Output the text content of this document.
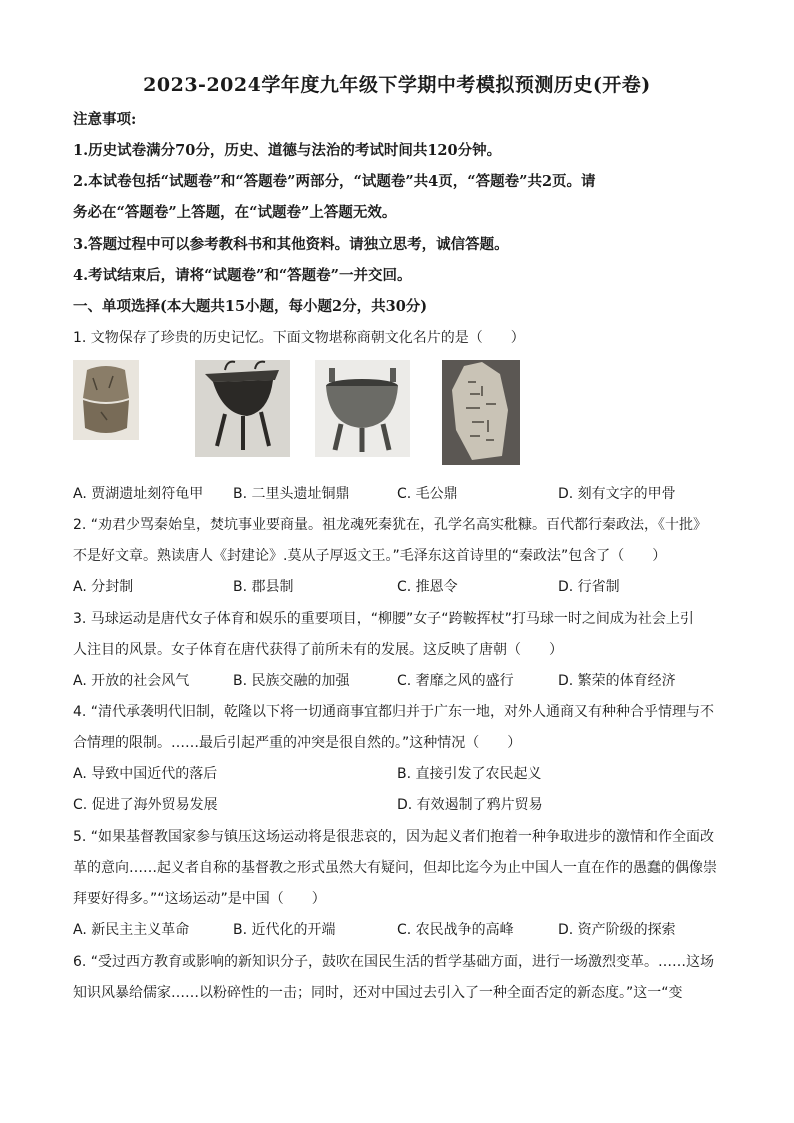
2023-2024学年度九年级下学期中考模拟预测历史(开卷)
注意事项:
1.历史试卷满分70分，历史、道德与法治的考试时间共120分钟。
2.本试卷包括“试题卷”和“答题卷”两部分，“试题卷”共4页，“答题卷”共2页。请
务必在“答题卷”上答题，在“试题卷”上答题无效。
3.答题过程中可以参考教科书和其他资料。请独立思考，诚信答题。
4.考试结束后，请将“试题卷”和“答题卷”一并交回。
一、单项选择(本大题共15小题，每小题2分，共30分)
1. 文物保存了珍贵的历史记忆。下面文物堪称商朝文化名片的是（　　）
A. 贾湖遗址刻符龟甲 B. 二里头遗址铜鼎	C. 毛公鼎	D. 刻有文字的甲骨
2. “劝君少骂秦始皇，焚坑事业要商量。祖龙魂死秦犹在，孔学名高实秕糠。百代都行秦政法，《十批》
不是好文章。熟读唐人《封建论》.莫从子厚返文王。”毛泽东这首诗里的“秦政法”包含了（　　）
A. 分封制	B. 郡县制	C. 推恩令	D. 行省制
3. 马球运动是唐代女子体育和娱乐的重要项目，“柳腰”女子“跨鞍挥杖”打马球一时之间成为社会上引
人注目的风景。女子体育在唐代获得了前所未有的发展。这反映了唐朝（　　）
A. 开放的社会风气	B. 民族交融的加强	C. 奢靡之风的盛行	D. 繁荣的体育经济
4. “清代承袭明代旧制，乾隆以下将一切通商事宜都归并于广东一地，对外人通商又有种种合乎情理与不
合情理的限制。……最后引起严重的冲突是很自然的。”这种情况（　　）
A. 导致中国近代的落后	B. 直接引发了农民起义
C. 促进了海外贸易发展	D. 有效遏制了鸦片贸易
5. “如果基督教国家参与镇压这场运动将是很悲哀的，因为起义者们抱着一种争取进步的激情和作全面改
革的意向……起义者自称的基督教之形式虽然大有疑问，但却比迄今为止中国人一直在作的愚蠢的偶像崇
拜要好得多。”“这场运动”是中国（　　）
A. 新民主主义革命	B. 近代化的开端	C. 农民战争的高峰	D. 资产阶级的探索
6. “受过西方教育或影响的新知识分子，鼓吹在国民生活的哲学基础方面，进行一场激烈变革。……这场
知识风暴给儒家……以粉碎性的一击；同时，还对中国过去引入了一种全面否定的新态度。”这一“变
